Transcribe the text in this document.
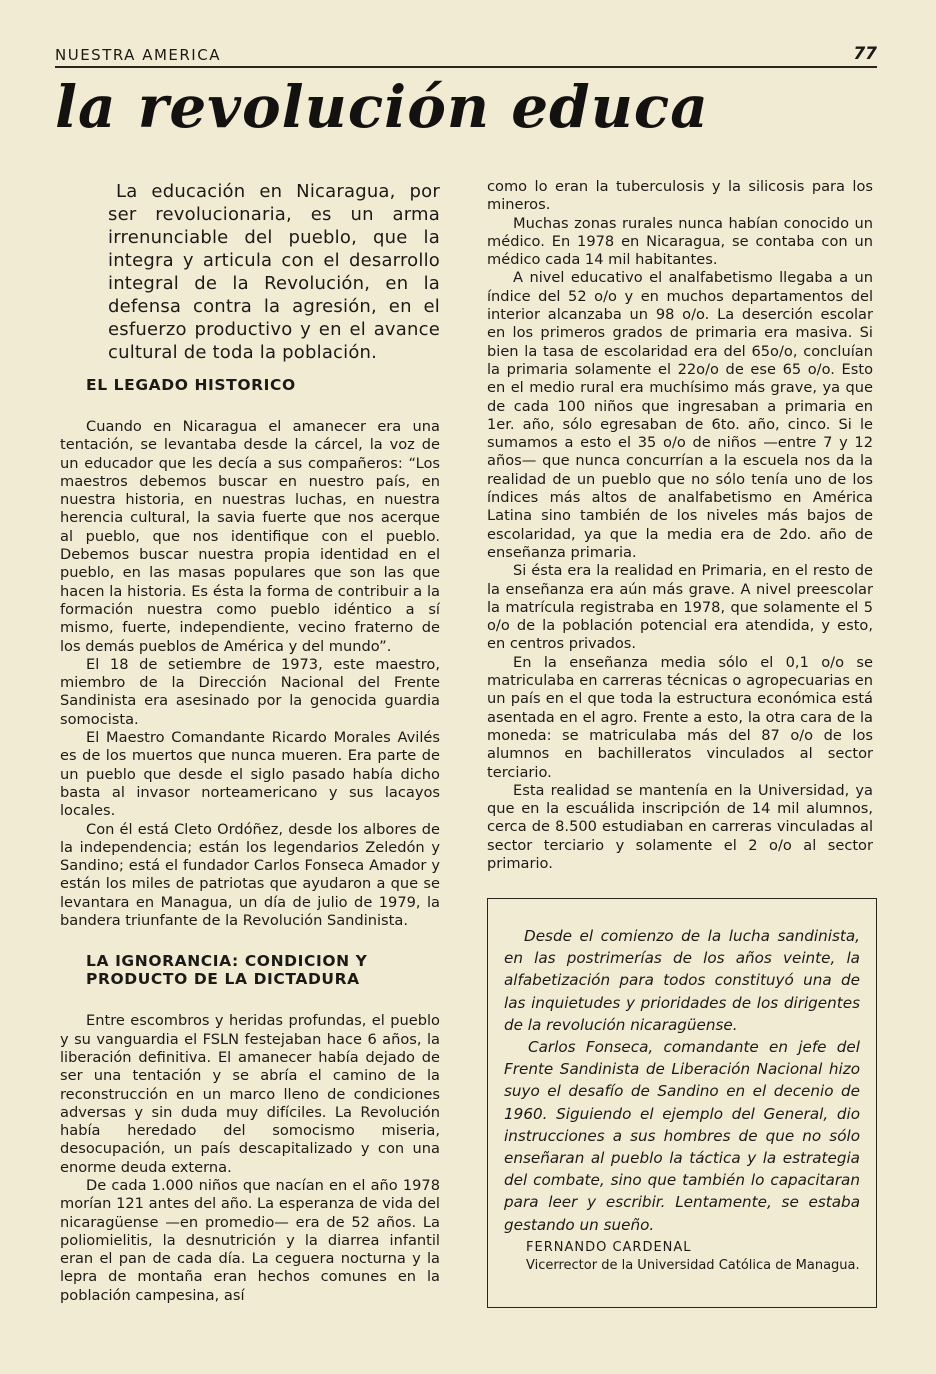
NUESTRA AMERICA	77
la revolución educa

La educación en Nicaragua, por ser revolucionaria, es un arma irrenunciable del pueblo, que la integra y articula con el desarrollo integral de la Revolución, en la defensa contra la agresión, en el esfuerzo productivo y en el avance cultural de toda la población.

EL LEGADO HISTORICO

Cuando en Nicaragua el amanecer era una tentación, se levantaba desde la cárcel, la voz de un educador que les decía a sus compañeros: “Los maestros debemos buscar en nuestro país, en nuestra historia, en nuestras luchas, en nuestra herencia cultural, la savia fuerte que nos acerque al pueblo, que nos identifique con el pueblo. Debemos buscar nuestra propia identidad en el pueblo, en las masas populares que son las que hacen la historia. Es ésta la forma de contribuir a la formación nuestra como pueblo idéntico a sí mismo, fuerte, independiente, vecino fraterno de los demás pueblos de América y del mundo”.

El 18 de setiembre de 1973, este maestro, miembro de la Dirección Nacional del Frente Sandinista era asesinado por la genocida guardia somocista.

El Maestro Comandante Ricardo Morales Avilés es de los muertos que nunca mueren. Era parte de un pueblo que desde el siglo pasado había dicho basta al invasor norteamericano y sus lacayos locales.

Con él está Cleto Ordóñez, desde los albores de la independencia; están los legendarios Zeledón y Sandino; está el fundador Carlos Fonseca Amador y están los miles de patriotas que ayudaron a que se levantara en Managua, un día de julio de 1979, la bandera triunfante de la Revolución Sandinista.

LA IGNORANCIA: CONDICION Y

PRODUCTO DE LA DICTADURA

Entre escombros y heridas profundas, el pueblo y su vanguardia el FSLN festejaban hace 6 años, la liberación definitiva. El amanecer había dejado de ser una tentación y se abría el camino de la reconstrucción en un marco lleno de condiciones adversas y sin duda muy difíciles. La Revolución había heredado del somocismo miseria, desocupación, un país descapitalizado y con una enorme deuda externa.

De cada 1.000 niños que nacían en el año 1978 morían 121 antes del año. La esperanza de vida del nicaragüense —en promedio— era de 52 años. La poliomielitis, la desnutrición y la diarrea infantil eran el pan de cada día. La ceguera nocturna y la lepra de montaña eran hechos comunes en la población campesina, así

como lo eran la tuberculosis y la silicosis para los mineros.

Muchas zonas rurales nunca habían conocido un médico. En 1978 en Nicaragua, se contaba con un médico cada 14 mil habitantes.

A nivel educativo el analfabetismo llegaba a un índice del 52 o/o y en muchos departamentos del interior alcanzaba un 98 o/o. La deserción escolar en los primeros grados de primaria era masiva. Si bien la tasa de escolaridad era del 65o/o, concluían la primaria solamente el 22o/o de ese 65 o/o. Esto en el medio rural era muchísimo más grave, ya que de cada 100 niños que ingresaban a primaria en 1er. año, sólo egresaban de 6to. año, cinco. Si le sumamos a esto el 35 o/o de niños —entre 7 y 12 años— que nunca concurrían a la escuela nos da la realidad de un pueblo que no sólo tenía uno de los índices más altos de analfabetismo en América Latina sino también de los niveles más bajos de escolaridad, ya que la media era de 2do. año de enseñanza primaria.

Si ésta era la realidad en Primaria, en el resto de la enseñanza era aún más grave. A nivel preescolar la matrícula registraba en 1978, que solamente el 5 o/o de la población potencial era atendida, y esto, en centros privados.

En la enseñanza media sólo el 0,1 o/o se matriculaba en carreras técnicas o agropecuarias en un país en el que toda la estructura económica está asentada en el agro. Frente a esto, la otra cara de la moneda: se matriculaba más del 87 o/o de los alumnos en bachilleratos vinculados al sector terciario.

Esta realidad se mantenía en la Universidad, ya que en la escuálida inscripción de 14 mil alumnos, cerca de 8.500 estudiaban en carreras vinculadas al sector terciario y solamente el 2 o/o al sector primario.

Desde el comienzo de la lucha sandinista, en las postrimerías de los años veinte, la alfabetización para todos constituyó una de las inquietudes y prioridades de los dirigentes de la revolución nicaragüense.

Carlos Fonseca, comandante en jefe del Frente Sandinista de Liberación Nacional hizo suyo el desafío de Sandino en el decenio de 1960. Siguiendo el ejemplo del General, dio instrucciones a sus hombres de que no sólo enseñaran al pueblo la táctica y la estrategia del combate, sino que también lo capacitaran para leer y escribir. Lentamente, se estaba gestando un sueño.

FERNANDO CARDENAL
Vicerrector de la Universidad Católica de Managua.
